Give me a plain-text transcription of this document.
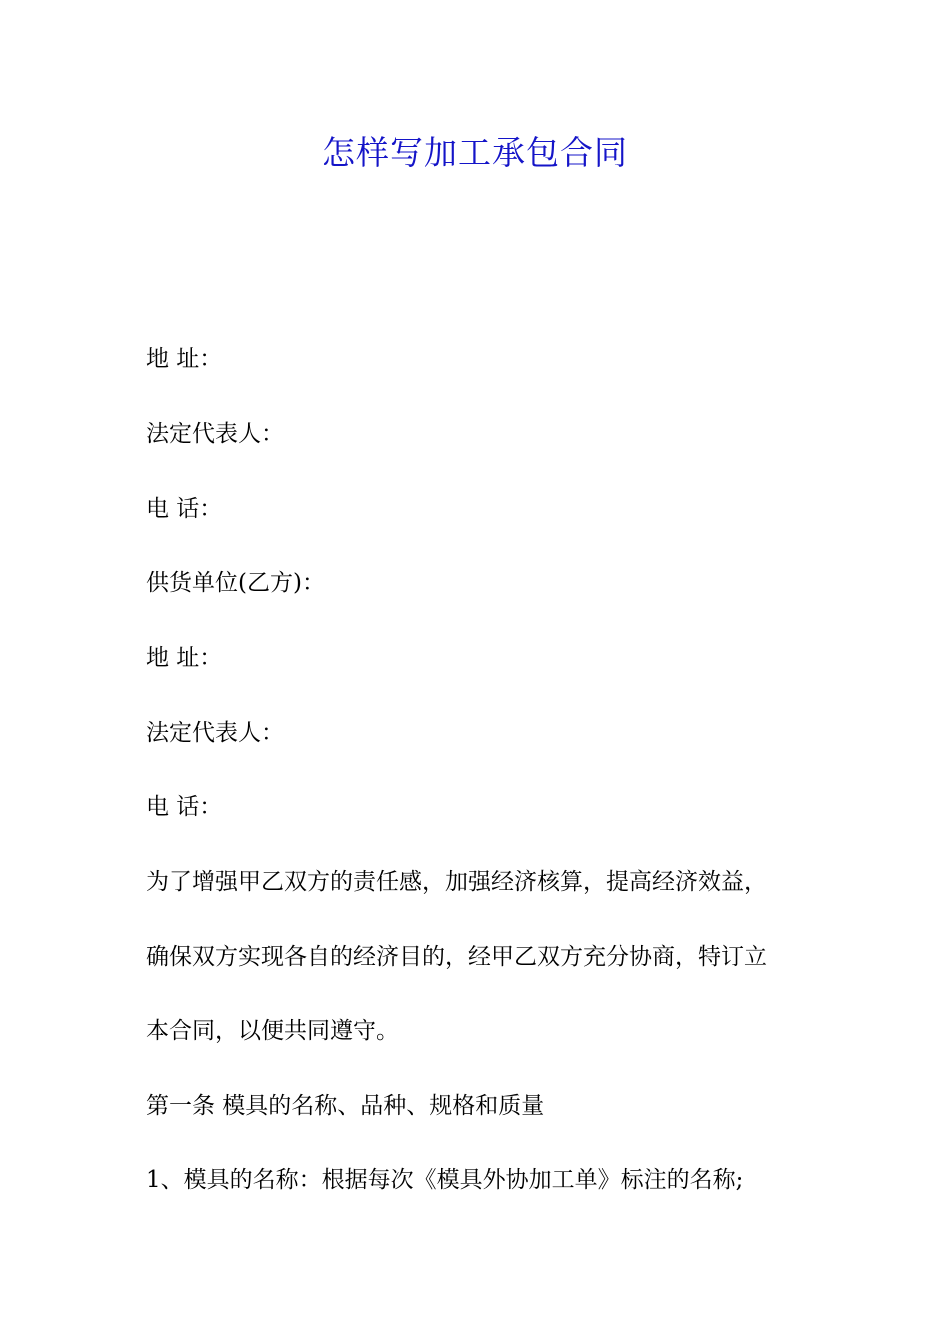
怎样写加工承包合同
地 址：
法定代表人：
电 话：
供货单位(乙方)：
地 址：
法定代表人：
电 话：
为了增强甲乙双方的责任感，加强经济核算，提高经济效益，
确保双方实现各自的经济目的，经甲乙双方充分协商，特订立
本合同，以便共同遵守。
第一条 模具的名称、品种、规格和质量
1、模具的名称：根据每次《模具外协加工单》标注的名称;
